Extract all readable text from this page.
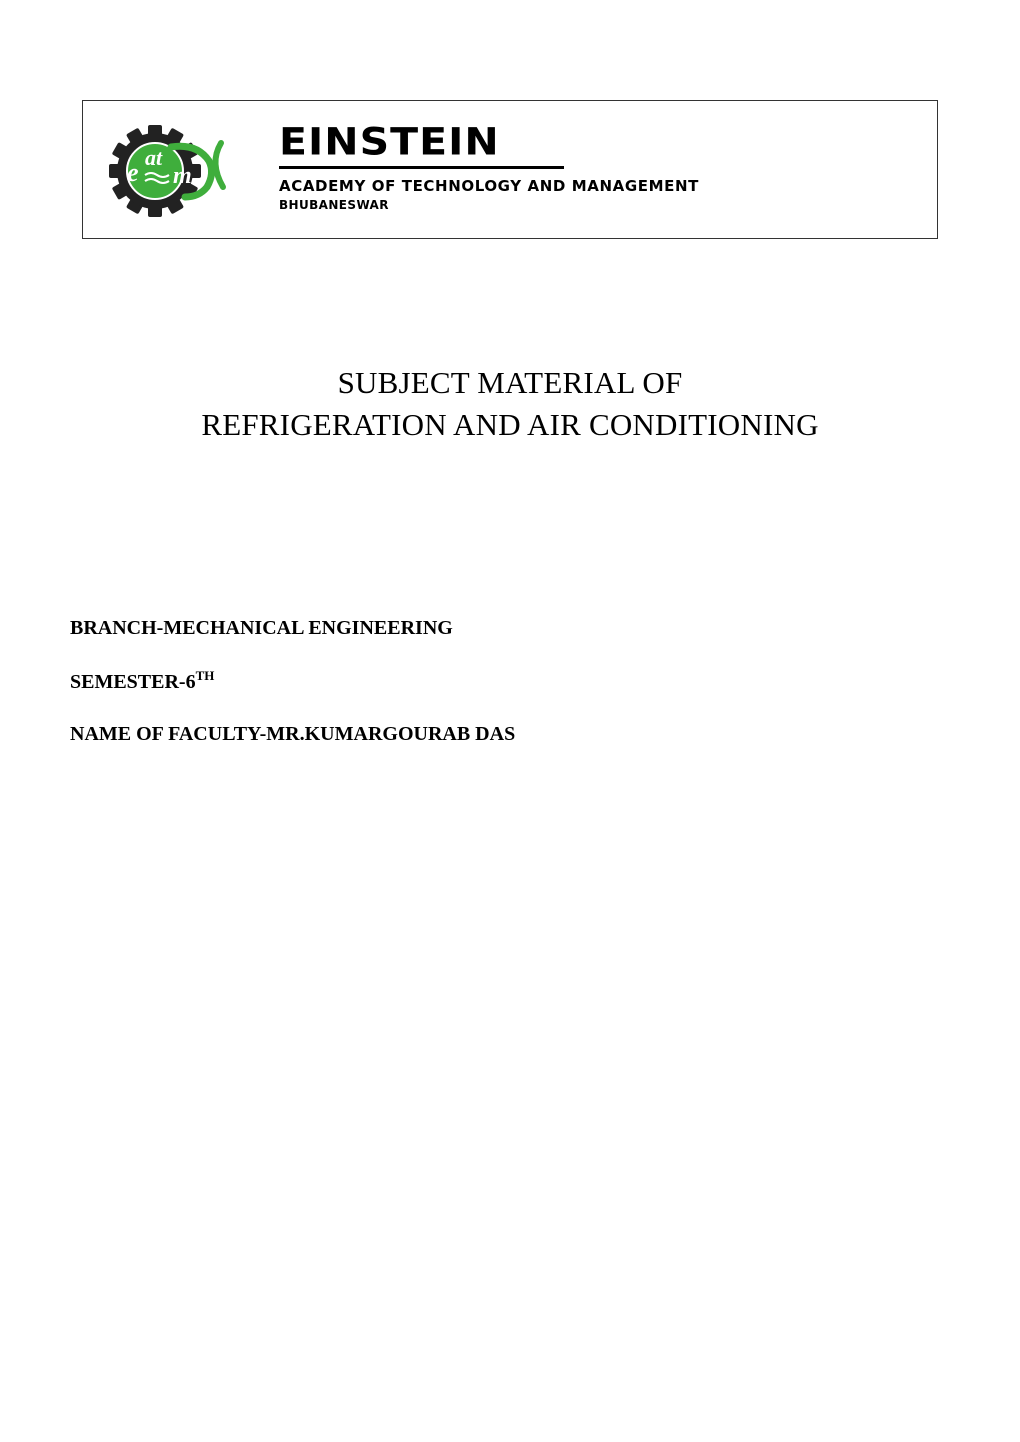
e
at
m
EINSTEIN
ACADEMY OF TECHNOLOGY AND MANAGEMENT
BHUBANESWAR
SUBJECT MATERIAL OF
REFRIGERATION AND AIR CONDITIONING
BRANCH-MECHANICAL ENGINEERING
SEMESTER-6TH
NAME OF FACULTY-MR.KUMARGOURAB DAS
